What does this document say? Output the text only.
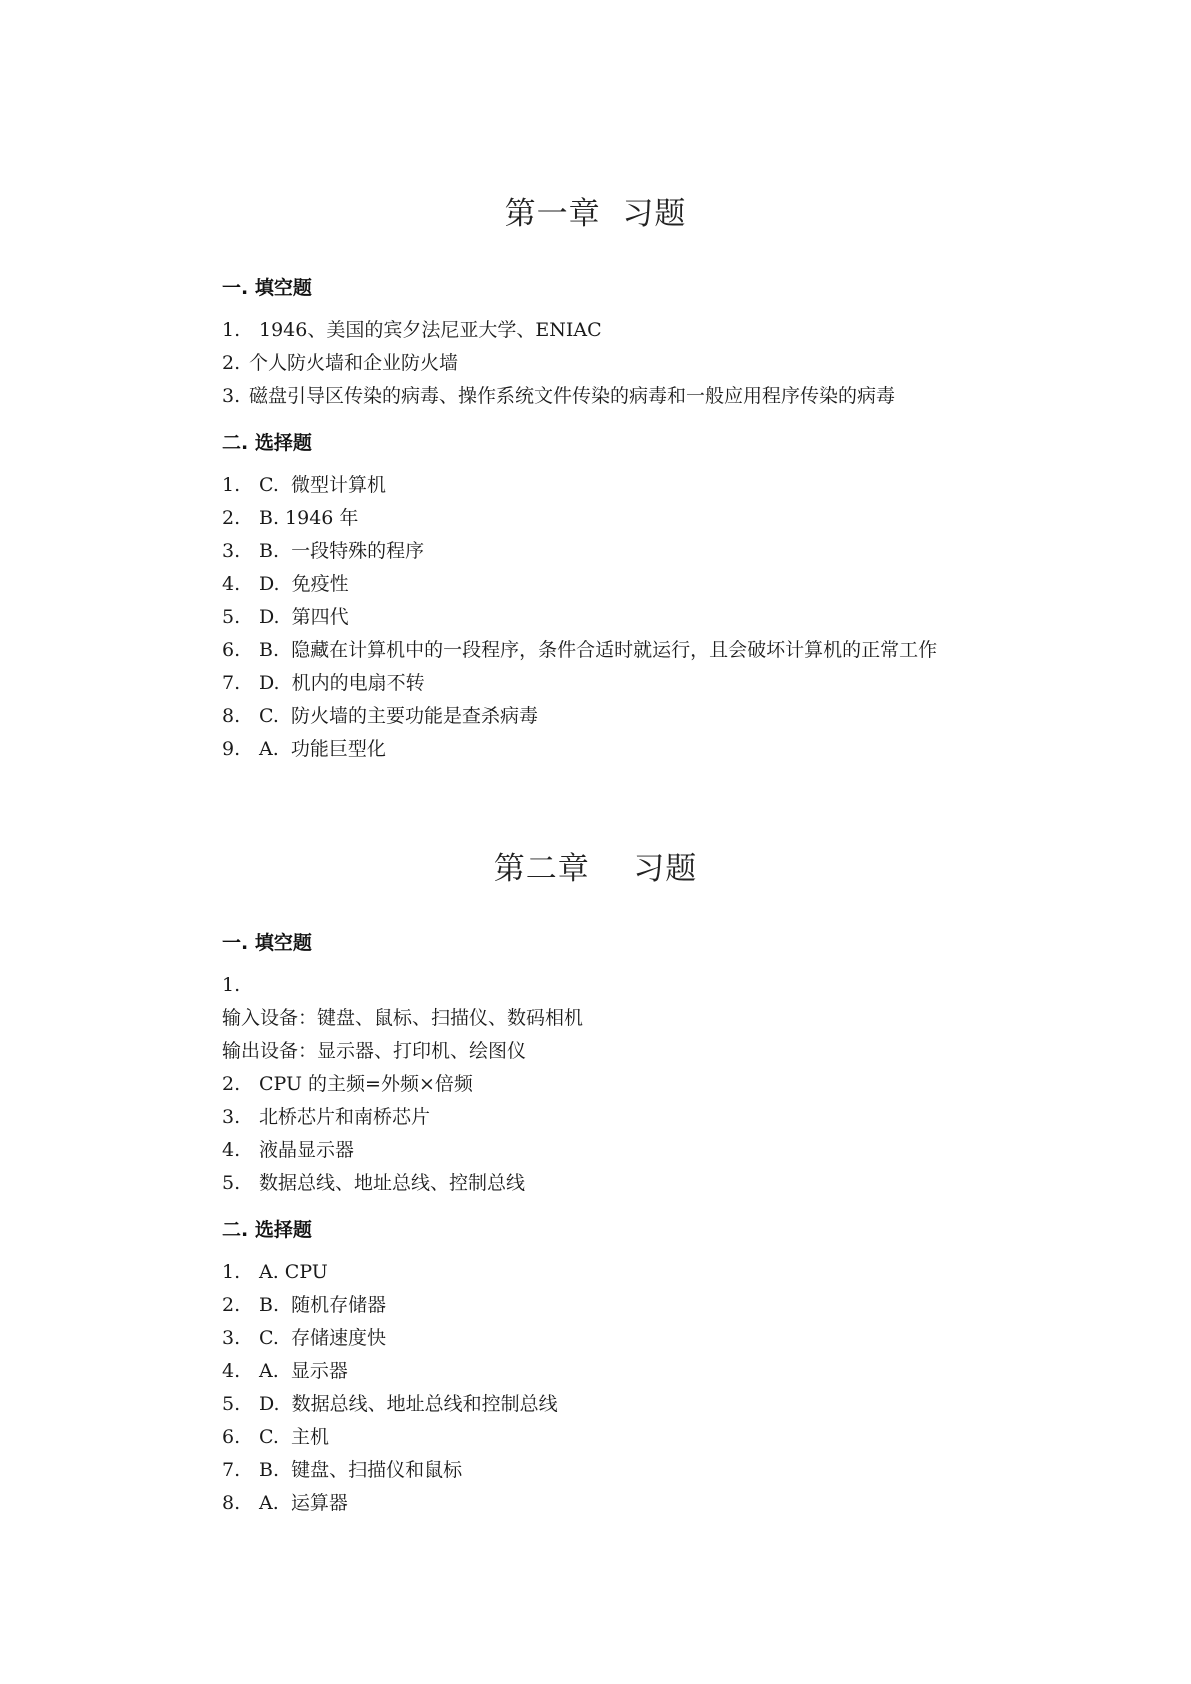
第一章  习题
一. 填空题
1. 1946、美国的宾夕法尼亚大学、ENIAC
2. 个人防火墙和企业防火墙
3. 磁盘引导区传染的病毒、操作系统文件传染的病毒和一般应用程序传染的病毒
二. 选择题
1. C.  微型计算机
2. B. 1946 年
3. B.  一段特殊的程序
4. D.  免疫性
5. D.  第四代
6. B.  隐藏在计算机中的一段程序，条件合适时就运行，且会破坏计算机的正常工作
7. D.  机内的电扇不转
8. C.  防火墙的主要功能是查杀病毒
9. A.  功能巨型化
第二章    习题
一. 填空题
1.
输入设备：键盘、鼠标、扫描仪、数码相机
输出设备：显示器、打印机、绘图仪
2. CPU 的主频=外频×倍频
3. 北桥芯片和南桥芯片
4. 液晶显示器
5. 数据总线、地址总线、控制总线
二. 选择题
1. A. CPU
2. B.  随机存储器
3. C.  存储速度快
4. A.  显示器
5. D.  数据总线、地址总线和控制总线
6. C.  主机
7. B.  键盘、扫描仪和鼠标
8. A.  运算器
